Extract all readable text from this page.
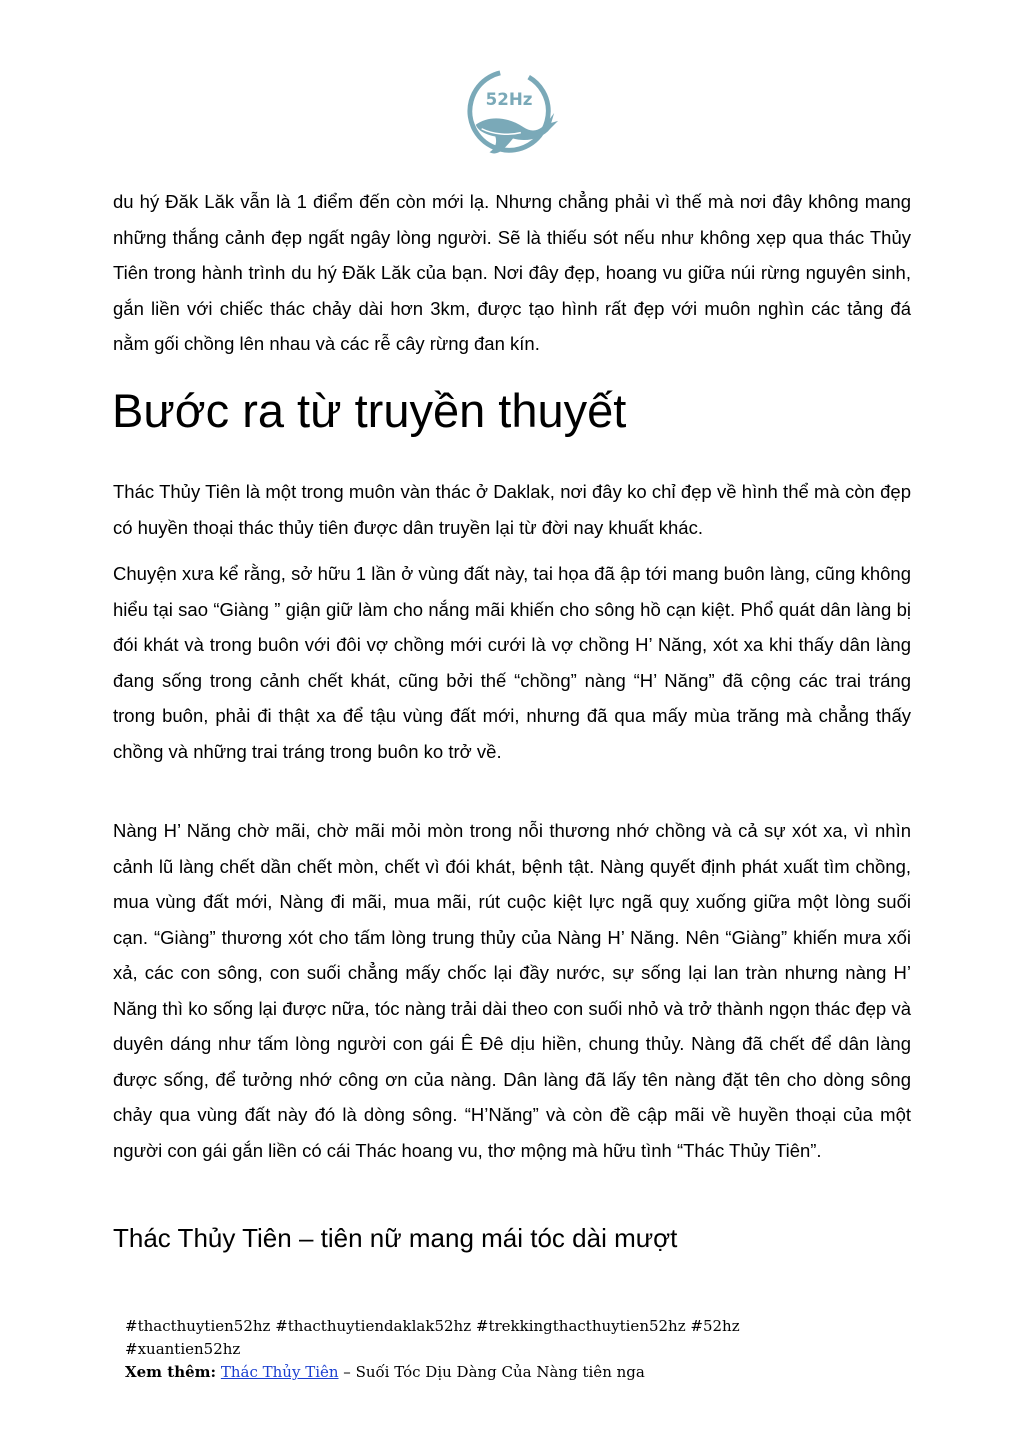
52Hz

du hý Đăk Lăk vẫn là 1 điểm đến còn mới lạ. Nhưng chẳng phải vì thế mà nơi đây không mang những thắng cảnh đẹp ngất ngây lòng người. Sẽ là thiếu sót nếu như không xẹp qua thác Thủy Tiên trong hành trình du hý Đăk Lăk của bạn. Nơi đây đẹp, hoang vu giữa núi rừng nguyên sinh, gắn liền với chiếc thác chảy dài hơn 3km, được tạo hình rất đẹp với muôn nghìn các tảng đá nằm gối chồng lên nhau và các rễ cây rừng đan kín.

Bước ra từ truyền thuyết

Thác Thủy Tiên là một trong muôn vàn thác ở Daklak, nơi đây ko chỉ đẹp về hình thể mà còn đẹp có huyền thoại thác thủy tiên được dân truyền lại từ đời nay khuất khác.

Chuyện xưa kể rằng, sở hữu 1 lần ở vùng đất này, tai họa đã ập tới mang buôn làng, cũng không hiểu tại sao “Giàng ” giận giữ làm cho nắng mãi khiến cho sông hồ cạn kiệt. Phổ quát dân làng bị đói khát và trong buôn với đôi vợ chồng mới cưới là vợ chồng H’ Năng, xót xa khi thấy dân làng đang sống trong cảnh chết khát, cũng bởi thế “chồng” nàng “H’ Năng” đã cộng các trai tráng trong buôn, phải đi thật xa để tậu vùng đất mới, nhưng đã qua mấy mùa trăng mà chẳng thấy chồng và những trai tráng trong buôn ko trở về.

Nàng H’ Năng chờ mãi, chờ mãi mỏi mòn trong nỗi thương nhớ chồng và cả sự xót xa, vì nhìn cảnh lũ làng chết dần chết mòn, chết vì đói khát, bệnh tật. Nàng quyết định phát xuất tìm chồng, mua vùng đất mới, Nàng đi mãi, mua mãi, rút cuộc kiệt lực ngã quỵ xuống giữa một lòng suối cạn. “Giàng” thương xót cho tấm lòng trung thủy của Nàng H’ Năng. Nên “Giàng” khiến mưa xối xả, các con sông, con suối chẳng mấy chốc lại đầy nước, sự sống lại lan tràn nhưng nàng H’ Năng thì ko sống lại được nữa, tóc nàng trải dài theo con suối nhỏ và trở thành ngọn thác đẹp và duyên dáng như tấm lòng người con gái Ê Đê dịu hiền, chung thủy. Nàng đã chết để dân làng được sống, để tưởng nhớ công ơn của nàng. Dân làng đã lấy tên nàng đặt tên cho dòng sông chảy qua vùng đất này đó là dòng sông. “H’Năng” và còn đề cập mãi về huyền thoại của một người con gái gắn liền có cái Thác hoang vu, thơ mộng mà hữu tình “Thác Thủy Tiên”.

Thác Thủy Tiên – tiên nữ mang mái tóc dài mượt
#thacthuytien52hz #thacthuytiendaklak52hz #trekkingthacthuytien52hz #52hz
#xuantien52hz
Xem thêm: Thác Thủy Tiên – Suối Tóc Dịu Dàng Của Nàng tiên nga
